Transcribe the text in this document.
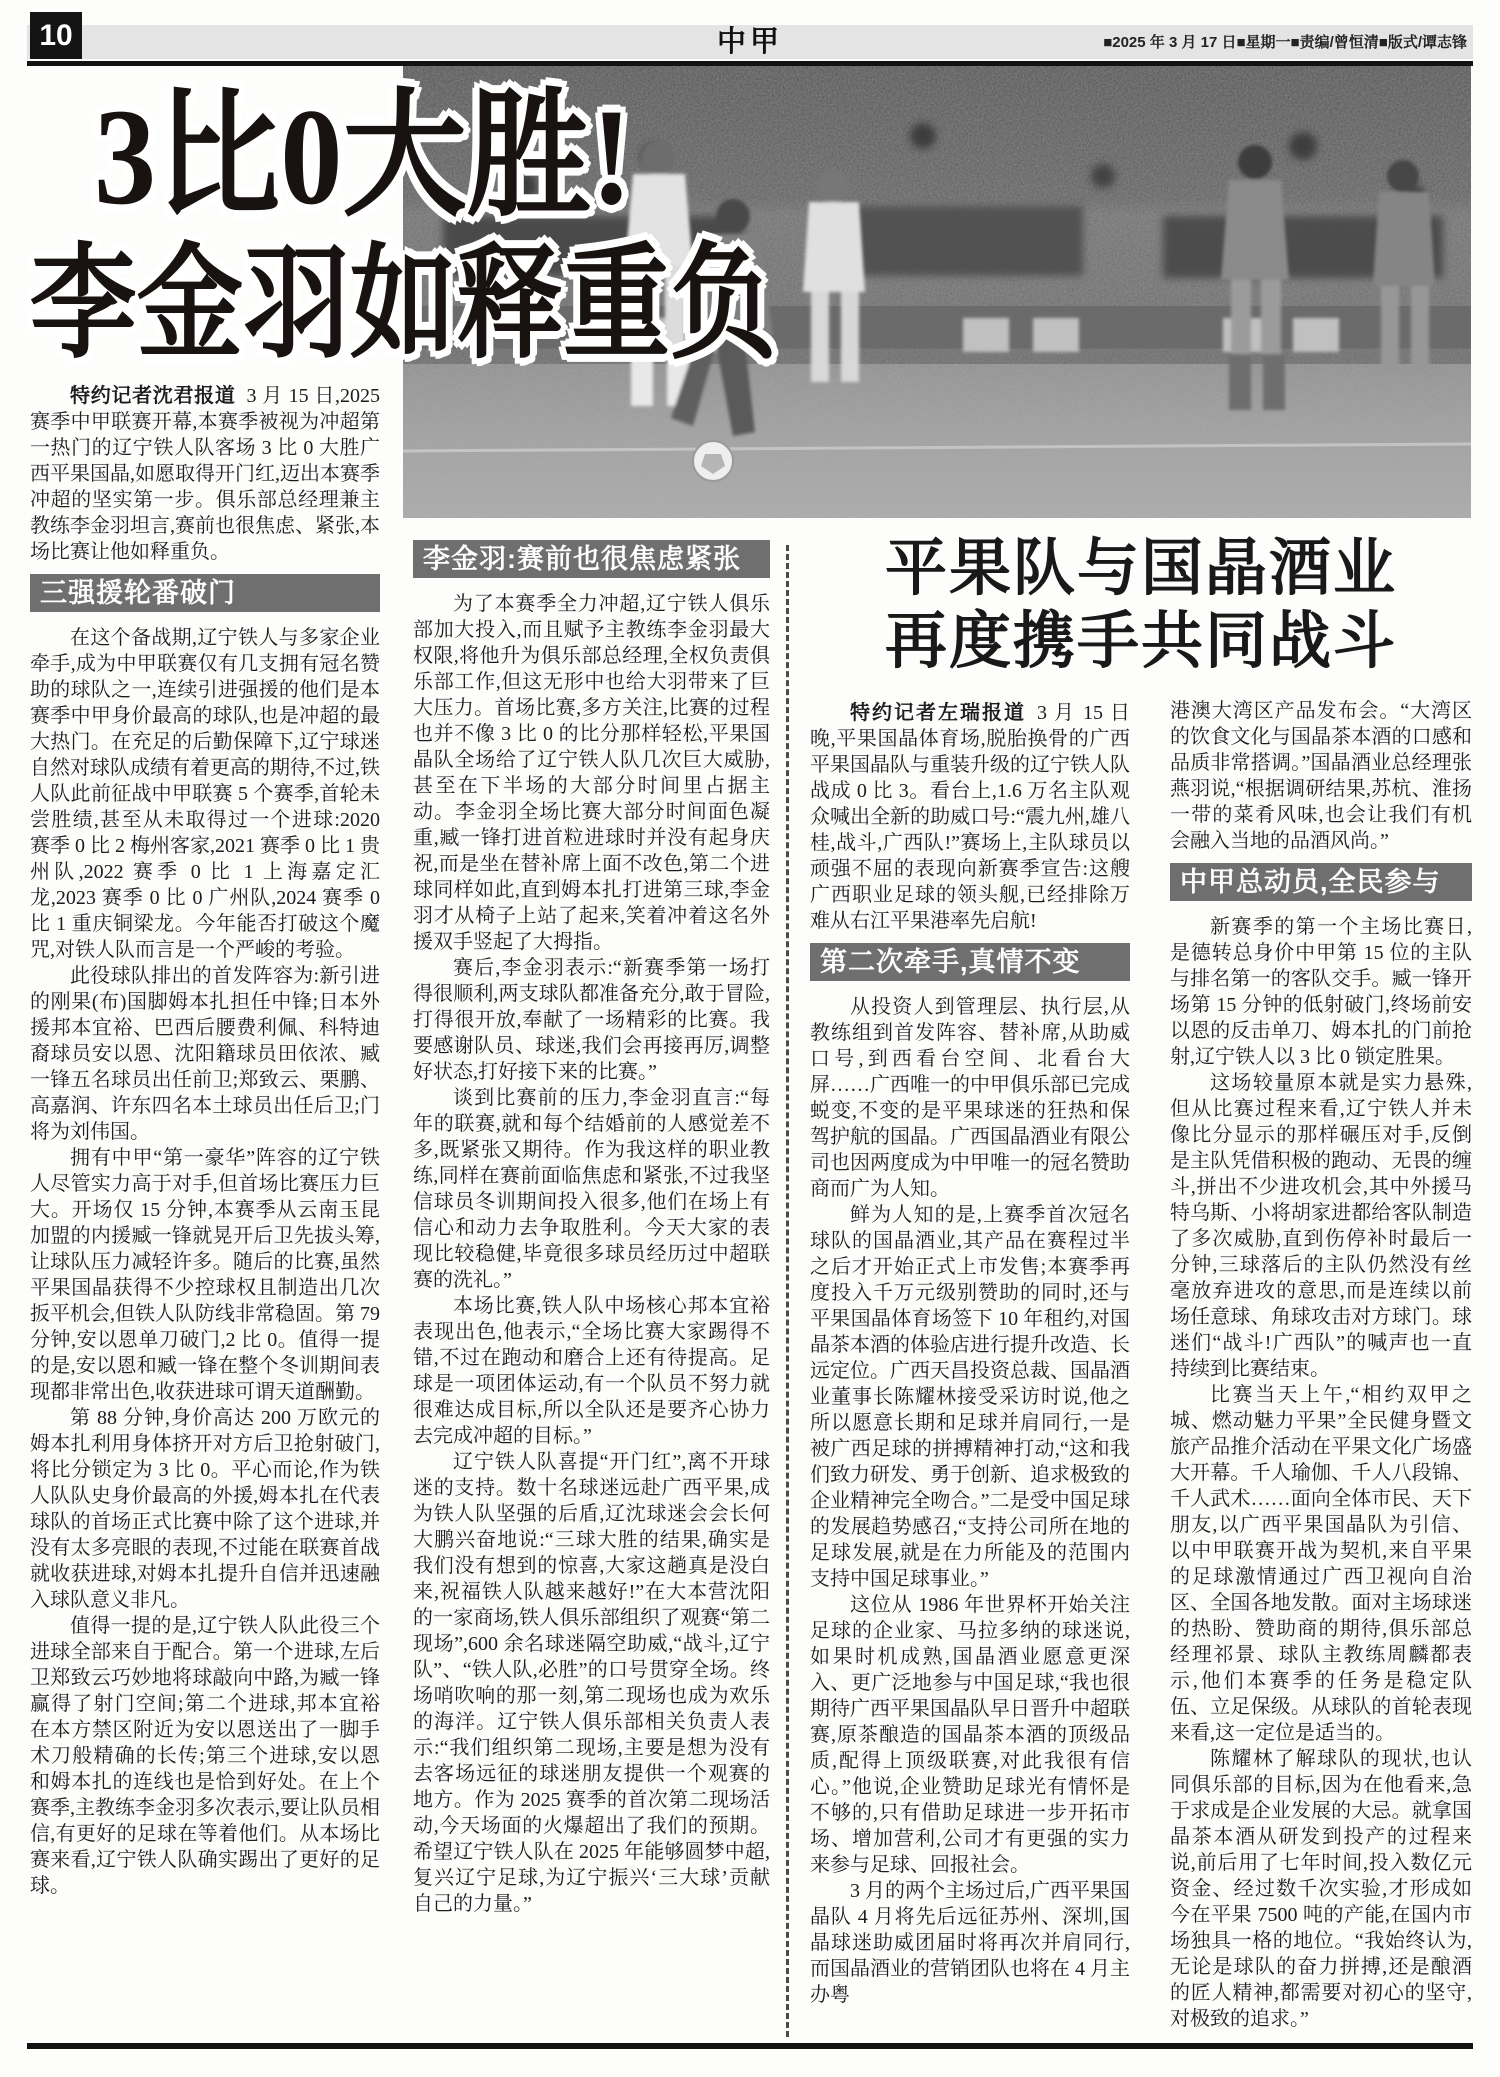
中甲	■2025 年 3 月 17 日■星期一■责编/曾恒清■版式/谭志锋
10
3比0大胜!
李金羽如释重负
平果队与国晶酒业
再度携手共同战斗

特约记者沈君报道 3 月 15 日,2025 赛季中甲联赛开幕,本赛季被视为冲超第一热门的辽宁铁人队客场 3 比 0 大胜广西平果国晶,如愿取得开门红,迈出本赛季冲超的坚实第一步。俱乐部总经理兼主教练李金羽坦言,赛前也很焦虑、紧张,本场比赛让他如释重负。

三强援轮番破门

在这个备战期,辽宁铁人与多家企业牵手,成为中甲联赛仅有几支拥有冠名赞助的球队之一,连续引进强援的他们是本赛季中甲身价最高的球队,也是冲超的最大热门。在充足的后勤保障下,辽宁球迷自然对球队成绩有着更高的期待,不过,铁人队此前征战中甲联赛 5 个赛季,首轮未尝胜绩,甚至从未取得过一个进球:2020 赛季 0 比 2 梅州客家,2021 赛季 0 比 1 贵州队,2022 赛季 0 比 1 上海嘉定汇龙,2023 赛季 0 比 0 广州队,2024 赛季 0 比 1 重庆铜梁龙。今年能否打破这个魔咒,对铁人队而言是一个严峻的考验。

此役球队排出的首发阵容为:新引进的刚果(布)国脚姆本扎担任中锋;日本外援邦本宜裕、巴西后腰费利佩、科特迪裔球员安以恩、沈阳籍球员田依浓、臧一锋五名球员出任前卫;郑致云、栗鹏、高嘉润、许东四名本土球员出任后卫;门将为刘伟国。

拥有中甲“第一豪华”阵容的辽宁铁人尽管实力高于对手,但首场比赛压力巨大。开场仅 15 分钟,本赛季从云南玉昆加盟的内援臧一锋就晃开后卫先拔头筹,让球队压力减轻许多。随后的比赛,虽然平果国晶获得不少控球权且制造出几次扳平机会,但铁人队防线非常稳固。第 79 分钟,安以恩单刀破门,2 比 0。值得一提的是,安以恩和臧一锋在整个冬训期间表现都非常出色,收获进球可谓天道酬勤。

第 88 分钟,身价高达 200 万欧元的姆本扎利用身体挤开对方后卫抢射破门,将比分锁定为 3 比 0。平心而论,作为铁人队队史身价最高的外援,姆本扎在代表球队的首场正式比赛中除了这个进球,并没有太多亮眼的表现,不过能在联赛首战就收获进球,对姆本扎提升自信并迅速融入球队意义非凡。

值得一提的是,辽宁铁人队此役三个进球全部来自于配合。第一个进球,左后卫郑致云巧妙地将球敲向中路,为臧一锋赢得了射门空间;第二个进球,邦本宜裕在本方禁区附近为安以恩送出了一脚手术刀般精确的长传;第三个进球,安以恩和姆本扎的连线也是恰到好处。在上个赛季,主教练李金羽多次表示,要让队员相信,有更好的足球在等着他们。从本场比赛来看,辽宁铁人队确实踢出了更好的足球。

李金羽:赛前也很焦虑紧张

为了本赛季全力冲超,辽宁铁人俱乐部加大投入,而且赋予主教练李金羽最大权限,将他升为俱乐部总经理,全权负责俱乐部工作,但这无形中也给大羽带来了巨大压力。首场比赛,多方关注,比赛的过程也并不像 3 比 0 的比分那样轻松,平果国晶队全场给了辽宁铁人队几次巨大威胁,甚至在下半场的大部分时间里占据主动。李金羽全场比赛大部分时间面色凝重,臧一锋打进首粒进球时并没有起身庆祝,而是坐在替补席上面不改色,第二个进球同样如此,直到姆本扎打进第三球,李金羽才从椅子上站了起来,笑着冲着这名外援双手竖起了大拇指。

赛后,李金羽表示:“新赛季第一场打得很顺利,两支球队都准备充分,敢于冒险,打得很开放,奉献了一场精彩的比赛。我要感谢队员、球迷,我们会再接再厉,调整好状态,打好接下来的比赛。”

谈到比赛前的压力,李金羽直言:“每年的联赛,就和每个结婚前的人感觉差不多,既紧张又期待。作为我这样的职业教练,同样在赛前面临焦虑和紧张,不过我坚信球员冬训期间投入很多,他们在场上有信心和动力去争取胜利。今天大家的表现比较稳健,毕竟很多球员经历过中超联赛的洗礼。”

本场比赛,铁人队中场核心邦本宜裕表现出色,他表示,“全场比赛大家踢得不错,不过在跑动和磨合上还有待提高。足球是一项团体运动,有一个队员不努力就很难达成目标,所以全队还是要齐心协力去完成冲超的目标。”

辽宁铁人队喜提“开门红”,离不开球迷的支持。数十名球迷远赴广西平果,成为铁人队坚强的后盾,辽沈球迷会会长何大鹏兴奋地说:“三球大胜的结果,确实是我们没有想到的惊喜,大家这趟真是没白来,祝福铁人队越来越好!”在大本营沈阳的一家商场,铁人俱乐部组织了观赛“第二现场”,600 余名球迷隔空助威,“战斗,辽宁队”、“铁人队,必胜”的口号贯穿全场。终场哨吹响的那一刻,第二现场也成为欢乐的海洋。辽宁铁人俱乐部相关负责人表示:“我们组织第二现场,主要是想为没有去客场远征的球迷朋友提供一个观赛的地方。作为 2025 赛季的首次第二现场活动,今天场面的火爆超出了我们的预期。希望辽宁铁人队在 2025 年能够圆梦中超,复兴辽宁足球,为辽宁振兴‘三大球’贡献自己的力量。”

特约记者左瑞报道 3 月 15 日晚,平果国晶体育场,脱胎换骨的广西平果国晶队与重装升级的辽宁铁人队战成 0 比 3。看台上,1.6 万名主队观众喊出全新的助威口号:“震九州,雄八桂,战斗,广西队!”赛场上,主队球员以顽强不屈的表现向新赛季宣告:这艘广西职业足球的领头舰,已经排除万难从右江平果港率先启航!

第二次牵手,真情不变

从投资人到管理层、执行层,从教练组到首发阵容、替补席,从助威口号,到西看台空间、北看台大屏……广西唯一的中甲俱乐部已完成蜕变,不变的是平果球迷的狂热和保驾护航的国晶。广西国晶酒业有限公司也因两度成为中甲唯一的冠名赞助商而广为人知。

鲜为人知的是,上赛季首次冠名球队的国晶酒业,其产品在赛程过半之后才开始正式上市发售;本赛季再度投入千万元级别赞助的同时,还与平果国晶体育场签下 10 年租约,对国晶茶本酒的体验店进行提升改造、长远定位。广西天昌投资总裁、国晶酒业董事长陈耀林接受采访时说,他之所以愿意长期和足球并肩同行,一是被广西足球的拼搏精神打动,“这和我们致力研发、勇于创新、追求极致的企业精神完全吻合。”二是受中国足球的发展趋势感召,“支持公司所在地的足球发展,就是在力所能及的范围内支持中国足球事业。”

这位从 1986 年世界杯开始关注足球的企业家、马拉多纳的球迷说,如果时机成熟,国晶酒业愿意更深入、更广泛地参与中国足球,“我也很期待广西平果国晶队早日晋升中超联赛,原茶酿造的国晶茶本酒的顶级品质,配得上顶级联赛,对此我很有信心。”他说,企业赞助足球光有情怀是不够的,只有借助足球进一步开拓市场、增加营利,公司才有更强的实力来参与足球、回报社会。

3 月的两个主场过后,广西平果国晶队 4 月将先后远征苏州、深圳,国晶球迷助威团届时将再次并肩同行,而国晶酒业的营销团队也将在 4 月主办粤

港澳大湾区产品发布会。“大湾区的饮食文化与国晶茶本酒的口感和品质非常搭调。”国晶酒业总经理张燕羽说,“根据调研结果,苏杭、淮扬一带的菜肴风味,也会让我们有机会融入当地的品酒风尚。”

中甲总动员,全民参与

新赛季的第一个主场比赛日,是德转总身价中甲第 15 位的主队与排名第一的客队交手。臧一锋开场第 15 分钟的低射破门,终场前安以恩的反击单刀、姆本扎的门前抢射,辽宁铁人以 3 比 0 锁定胜果。

这场较量原本就是实力悬殊,但从比赛过程来看,辽宁铁人并未像比分显示的那样碾压对手,反倒是主队凭借积极的跑动、无畏的缠斗,拼出不少进攻机会,其中外援马特乌斯、小将胡家进都给客队制造了多次威胁,直到伤停补时最后一分钟,三球落后的主队仍然没有丝毫放弃进攻的意思,而是连续以前场任意球、角球攻击对方球门。球迷们“战斗!广西队”的喊声也一直持续到比赛结束。

比赛当天上午,“相约双甲之城、燃动魅力平果”全民健身暨文旅产品推介活动在平果文化广场盛大开幕。千人瑜伽、千人八段锦、千人武术……面向全体市民、天下朋友,以广西平果国晶队为引信、以中甲联赛开战为契机,来自平果的足球激情通过广西卫视向自治区、全国各地发散。面对主场球迷的热盼、赞助商的期待,俱乐部总经理祁景、球队主教练周麟都表示,他们本赛季的任务是稳定队伍、立足保级。从球队的首轮表现来看,这一定位是适当的。

陈耀林了解球队的现状,也认同俱乐部的目标,因为在他看来,急于求成是企业发展的大忌。就拿国晶茶本酒从研发到投产的过程来说,前后用了七年时间,投入数亿元资金、经过数千次实验,才形成如今在平果 7500 吨的产能,在国内市场独具一格的地位。“我始终认为,无论是球队的奋力拼搏,还是酿酒的匠人精神,都需要对初心的坚守,对极致的追求。”
